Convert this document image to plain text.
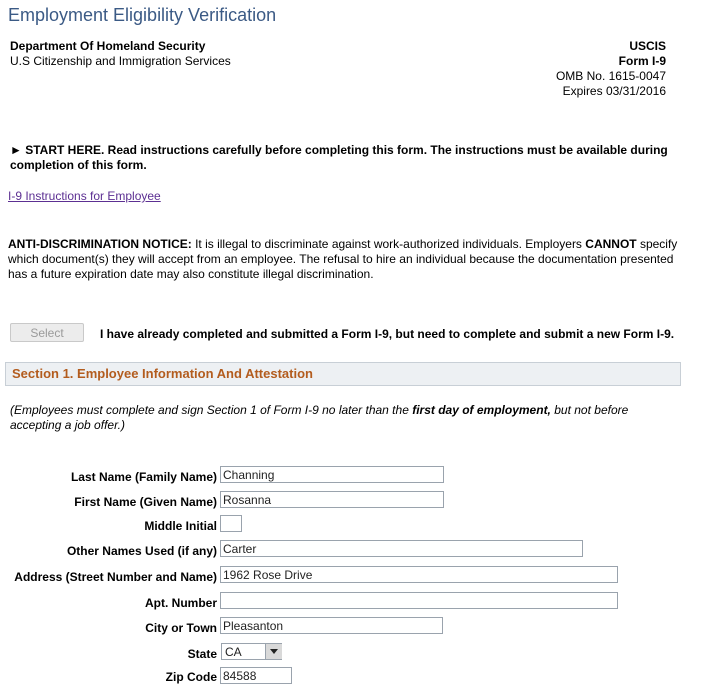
Employment Eligibility Verification
Department Of Homeland Security
U.S Citizenship and Immigration Services
USCIS
Form I-9
OMB No. 1615-0047
Expires 03/31/2016
► START HERE. Read instructions carefully before completing this form. The instructions must be available during completion of this form.
I-9 Instructions for Employee
ANTI-DISCRIMINATION NOTICE: It is illegal to discriminate against work-authorized individuals. Employers CANNOT specify which document(s) they will accept from an employee. The refusal to hire an individual because the documentation presented has a future expiration date may also constitute illegal discrimination.
Select	I have already completed and submitted a Form I-9, but need to complete and submit a new Form I-9.
Section 1. Employee Information And Attestation
(Employees must complete and sign Section 1 of Form I-9 no later than the first day of employment, but not before accepting a job offer.)
Last Name (Family Name)
Channing
First Name (Given Name)
Rosanna
Middle Initial
Other Names Used (if any)
Carter
Address (Street Number and Name)
1962 Rose Drive
Apt. Number
City or Town
Pleasanton
State CA
Zip Code
84588
